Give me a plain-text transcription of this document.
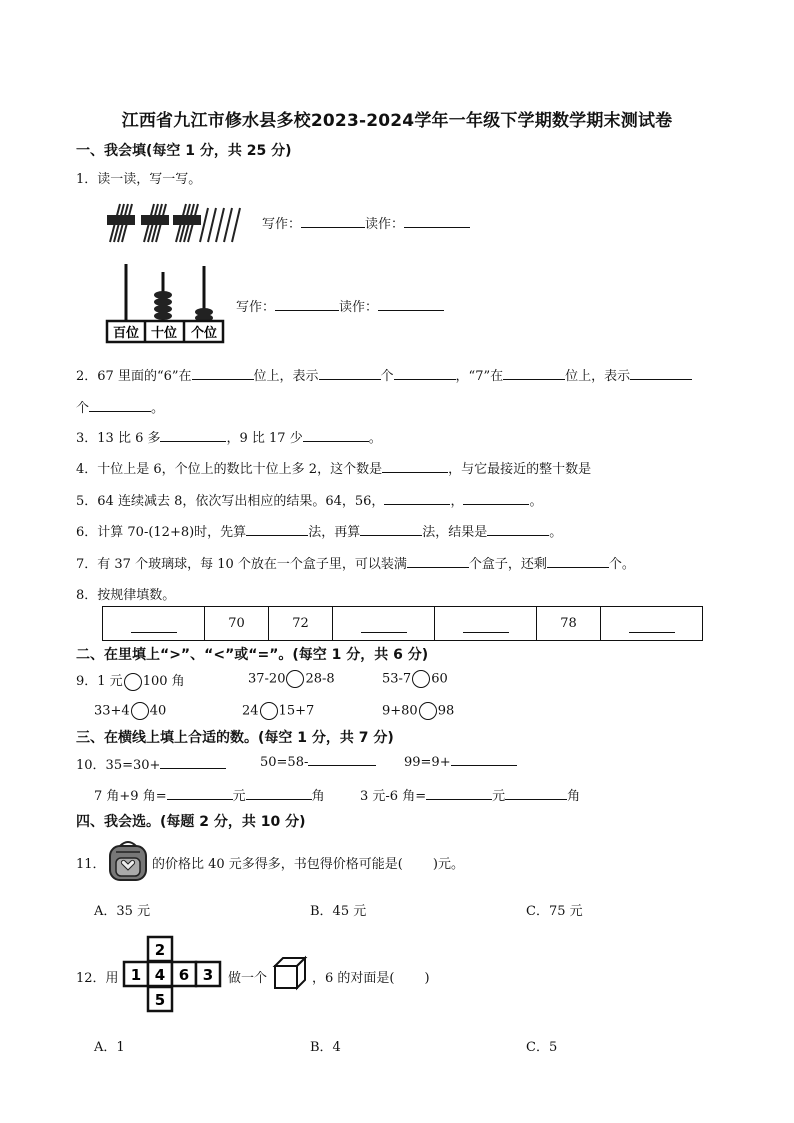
江西省九江市修水县多校2023-2024学年一年级下学期数学期末测试卷
一、我会填(每空 1 分，共 25 分)
1．读一读，写一写。
写作：	读作：
百位 十位 个位
写作：	读作：
2．67 里面的“6”在	位上，表示	个	，“7”在	位上，表示
个	。
3．13 比 6 多	，9 比 17 少	。
4．十位上是 6，个位上的数比十位上多 2，这个数是	，与它最接近的整十数是
5．64 连续减去 8，依次写出相应的结果。64，56，	，	。
6．计算 70-(12+8)时，先算	法，再算	法，结果是	。
7．有 37 个玻璃球，每 10 个放在一个盒子里，可以装满	个盒子，还剩	个。
8．按规律填数。
	70	72			78	
二、在里填上“>”、“<”或“=”。(每空 1 分，共 6 分)
9．1 元 100 角	37-20 28-8	53-7 60
33+4 40	24 15+7	9+80 98
三、在横线上填上合适的数。(每空 1 分，共 7 分)
10．35=30+	50=58-	99=9+
7 角+9 角=	元	角	3 元-6 角=	元	角
四、我会选。(每题 2 分，共 10 分)
11．	的价格比 40 元多得多，书包得价格可能是( )元。
A．35 元	B．45 元	C．75 元
12．用
2
1 4 6 3
5
做一个	，6 的对面是( )
A．1	B．4	C．5
